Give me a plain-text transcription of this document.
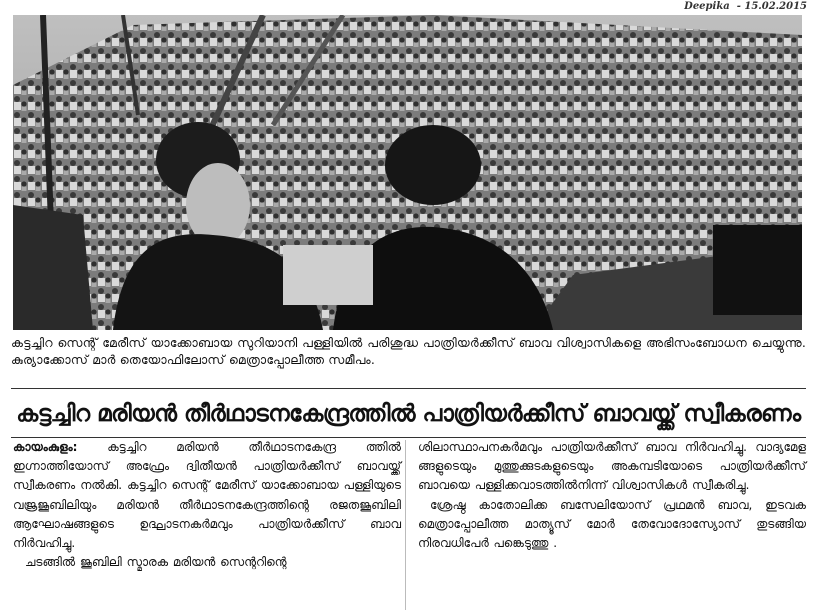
Deepika  - 15.02.2015
കട്ടച്ചിറ സെന്റ് മേരീസ് യാക്കോബായ സുറിയാനി പള്ളിയിൽ പരിശുദ്ധ പാത്രിയർക്കീസ് ബാവ വിശ്വാസികളെ അഭിസംബോധന ചെയ്യുന്നു. കുര്യാക്കോസ് മാർ തെയോഫിലോസ് മെത്രാപ്പോലീത്ത സമീപം.
കട്ടച്ചിറ മരിയൻ തീർഥാടനകേന്ദ്രത്തിൽ പാത്രിയർക്കീസ് ബാവയ്ക്ക് സ്വീകരണം

കായംകുളം: കട്ടച്ചിറ മരിയൻ തീർഥാടനകേന്ദ്ര ത്തിൽ ഇഗ്നാത്തിയോസ് അഫ്രേം ദ്വിതീയൻ പാത്രിയർക്കീസ് ബാവയ്ക്ക് സ്വീകരണം നൽകി. കട്ടച്ചിറ സെന്റ് മേരീസ് യാക്കോബായ പള്ളിയുടെ വജ്രജൂബിലിയും മരിയൻ തീർഥാടനകേന്ദ്രത്തിന്റെ രജതജൂബിലി ആഘോഷങ്ങളുടെ ഉദ്ഘാടനകർമവും പാത്രിയർക്കീസ് ബാവ നിർവഹിച്ചു.

ചടങ്ങിൽ ജൂബിലി സ്മാരക മരിയൻ സെന്ററിന്റെ

ശിലാസ്ഥാപനകർമവും പാത്രിയർക്കീസ് ബാവ നിർവഹിച്ചു. വാദ്യമേള ങ്ങളുടെയും മുത്തുക്കുടകളുടെയും അകമ്പടിയോടെ പാത്രിയർക്കീസ് ബാവയെ പള്ളിക്കവാടത്തിൽനിന്ന് വിശ്വാസികൾ സ്വീകരിച്ചു.

ശ്രേഷ്ഠ കാതോലിക്ക ബസേലിയോസ് പ്രഥമൻ ബാവ, ഇടവക മെത്രാപ്പോലീത്ത മാത്യൂസ് മോർ തേവോദോസ്യോസ് തുടങ്ങിയ നിരവധിപേർ പങ്കെടുത്തു .
